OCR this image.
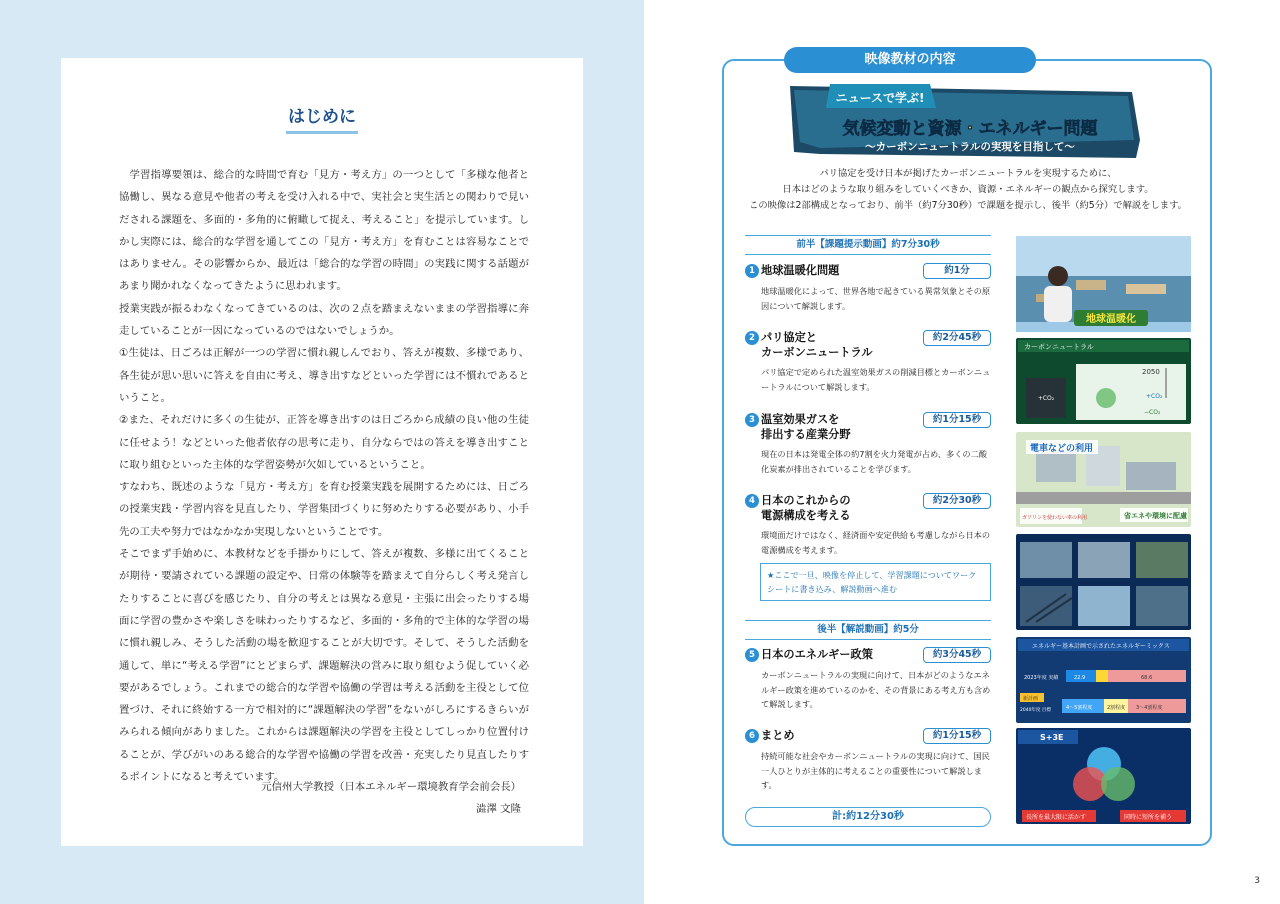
はじめに

　学習指導要領は、総合的な時間で育む「見方・考え方」の一つとして「多様な他者と協働し、異なる意見や他者の考えを受け入れる中で、実社会と実生活との関わりで見いだされる課題を、多面的・多角的に俯瞰して捉え、考えること」を提示しています。しかし実際には、総合的な学習を通してこの「見方・考え方」を育むことは容易なことではありません。その影響からか、最近は「総合的な学習の時間」の実践に関する話題があまり聞かれなくなってきたように思われます。

授業実践が振るわなくなってきているのは、次の２点を踏まえないままの学習指導に奔走していることが一因になっているのではないでしょうか。

①生徒は、日ごろは正解が一つの学習に慣れ親しんでおり、答えが複数、多様であり、各生徒が思い思いに答えを自由に考え、導き出すなどといった学習には不慣れであるということ。

②また、それだけに多くの生徒が、正答を導き出すのは日ごろから成績の良い他の生徒に任せよう！などといった他者依存の思考に走り、自分ならではの答えを導き出すことに取り組むといった主体的な学習姿勢が欠如しているということ。

すなわち、既述のような「見方・考え方」を育む授業実践を展開するためには、日ごろの授業実践・学習内容を見直したり、学習集団づくりに努めたりする必要があり、小手先の工夫や努力ではなかなか実現しないということです。

そこでまず手始めに、本教材などを手掛かりにして、答えが複数、多様に出てくることが期待・要請されている課題の設定や、日常の体験等を踏まえて自分らしく考え発言したりすることに喜びを感じたり、自分の考えとは異なる意見・主張に出会ったりする場面に学習の豊かさや楽しさを味わったりするなど、多面的・多角的で主体的な学習の場に慣れ親しみ、そうした活動の場を歓迎することが大切です。そして、そうした活動を通して、単に“考える学習”にとどまらず、課題解決の営みに取り組むよう促していく必要があるでしょう。これまでの総合的な学習や協働の学習は考える活動を主役として位置づけ、それに終始する一方で相対的に“課題解決の学習”をないがしろにするきらいがみられる傾向がありました。これからは課題解決の学習を主役としてしっかり位置付けることが、学びがいのある総合的な学習や協働の学習を改善・充実したり見直したりするポイントになると考えています。

元信州大学教授（日本エネルギー環境教育学会前会長）
澁澤 文隆
映像教材の内容
ニュースで学ぶ!
気候変動と資源・エネルギー問題
～カーボンニュートラルの実現を目指して～
パリ協定を受け日本が掲げたカーボンニュートラルを実現するために、
日本はどのような取り組みをしていくべきか、資源・エネルギーの観点から探究します。
この映像は2部構成となっており、前半（約7分30秒）で課題を提示し、後半（約5分）で解説をします。
前半【課題提示動画】約7分30秒
1 地球温暖化問題	約1分
地球温暖化によって、世界各地で起きている異常気象とその原因について解説します。
2 パリ協定と
カーボンニュートラル
約2分45秒
パリ協定で定められた温室効果ガスの削減目標とカーボンニュートラルについて解説します。
3 温室効果ガスを
排出する産業分野
約1分15秒
現在の日本は発電全体の約7割を火力発電が占め、多くの二酸化炭素が排出されていることを学びます。
4 日本のこれからの
電源構成を考える
約2分30秒
環境面だけではなく、経済面や安定供給も考慮しながら日本の電源構成を考えます。
★ここで一旦、映像を停止して、学習課題についてワークシートに書き込み、解説動画へ進む
後半【解説動画】約5分
5 日本のエネルギー政策	約3分45秒
カーボンニュートラルの実現に向けて、日本がどのようなエネルギー政策を進めているのかを、その背景にある考え方も含めて解説します。
6 まとめ	約1分15秒
持続可能な社会やカーボンニュートラルの実現に向けて、国民一人ひとりが主体的に考えることの重要性について解説します。
計:約12分30秒
地球温暖化
カーボンニュートラル
+CO₂
2050
+CO₂
−CO₂
電車などの利用
ガソリンを使わない車の利用	省エネや環境に配慮
エネルギー基本計画で示されたエネルギーミックス
2023年度 実績	22.9	68.6
新計画
2040年度 目標	4〜5割程度	2割程度 3〜4割程度
S+3E
長所を最大限に活かす	同時に短所を補う
3
